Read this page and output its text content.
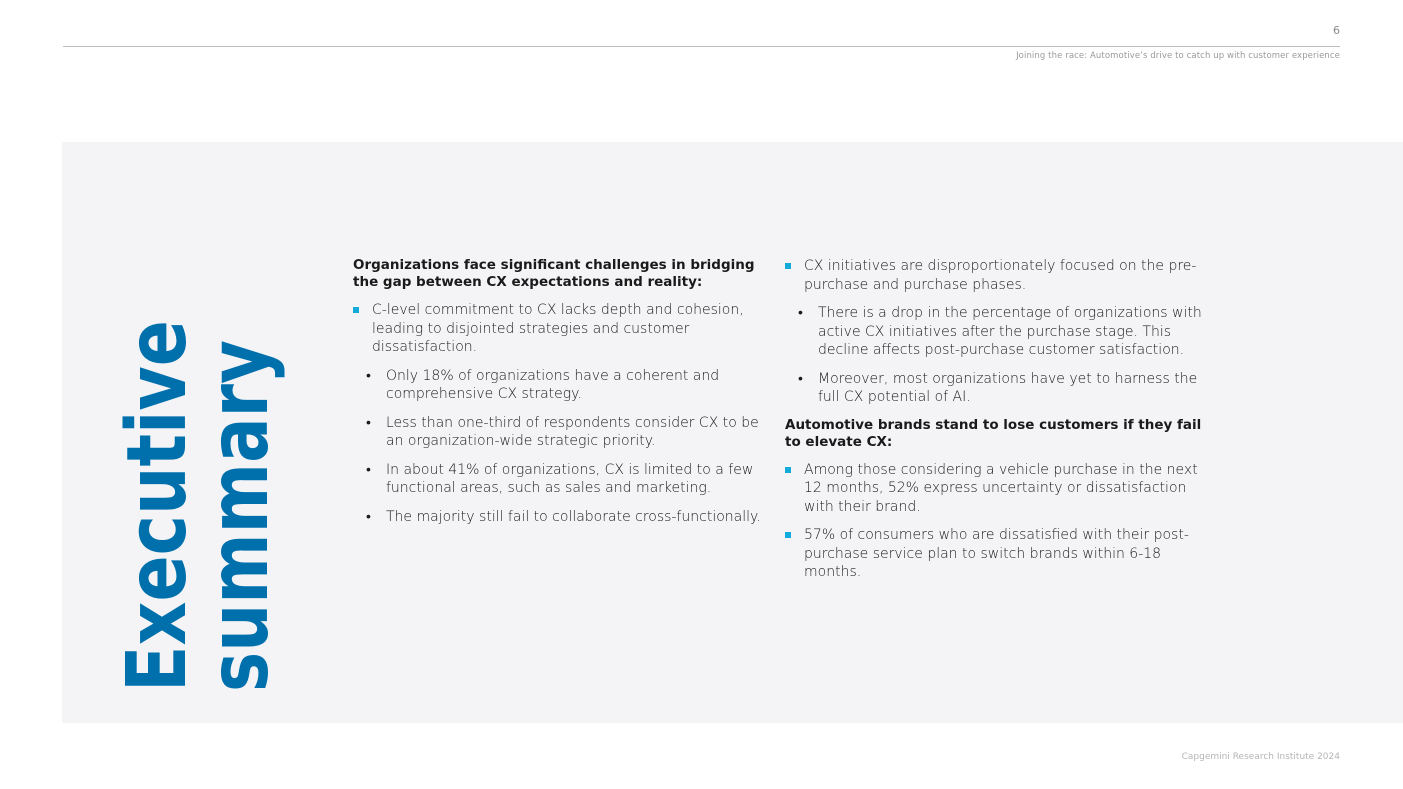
6
Joining the race: Automotive’s drive to catch up with customer experience
Executive
summary	Organizations face significant challenges in bridging the gap between CX expectations and reality:

C-level commitment to CX lacks depth and cohesion, leading to disjointed strategies and customer dissatisfaction.
• Only 18% of organizations have a coherent and comprehensive CX strategy.
• Less than one-third of respondents consider CX to be an organization-wide strategic priority.
• In about 41% of organizations, CX is limited to a few functional areas, such as sales and marketing.
• The majority still fail to collaborate cross-functionally.
CX initiatives are disproportionately focused on the pre-purchase and purchase phases.
• There is a drop in the percentage of organizations with active CX initiatives after the purchase stage. This decline affects post-purchase customer satisfaction.
• Moreover, most organizations have yet to harness the full CX potential of AI.

Automotive brands stand to lose customers if they fail to elevate CX:

Among those considering a vehicle purchase in the next 12 months, 52% express uncertainty or dissatisfaction with their brand.
57% of consumers who are dissatisfied with their post-purchase service plan to switch brands within 6-18 months.
Capgemini Research Institute 2024
